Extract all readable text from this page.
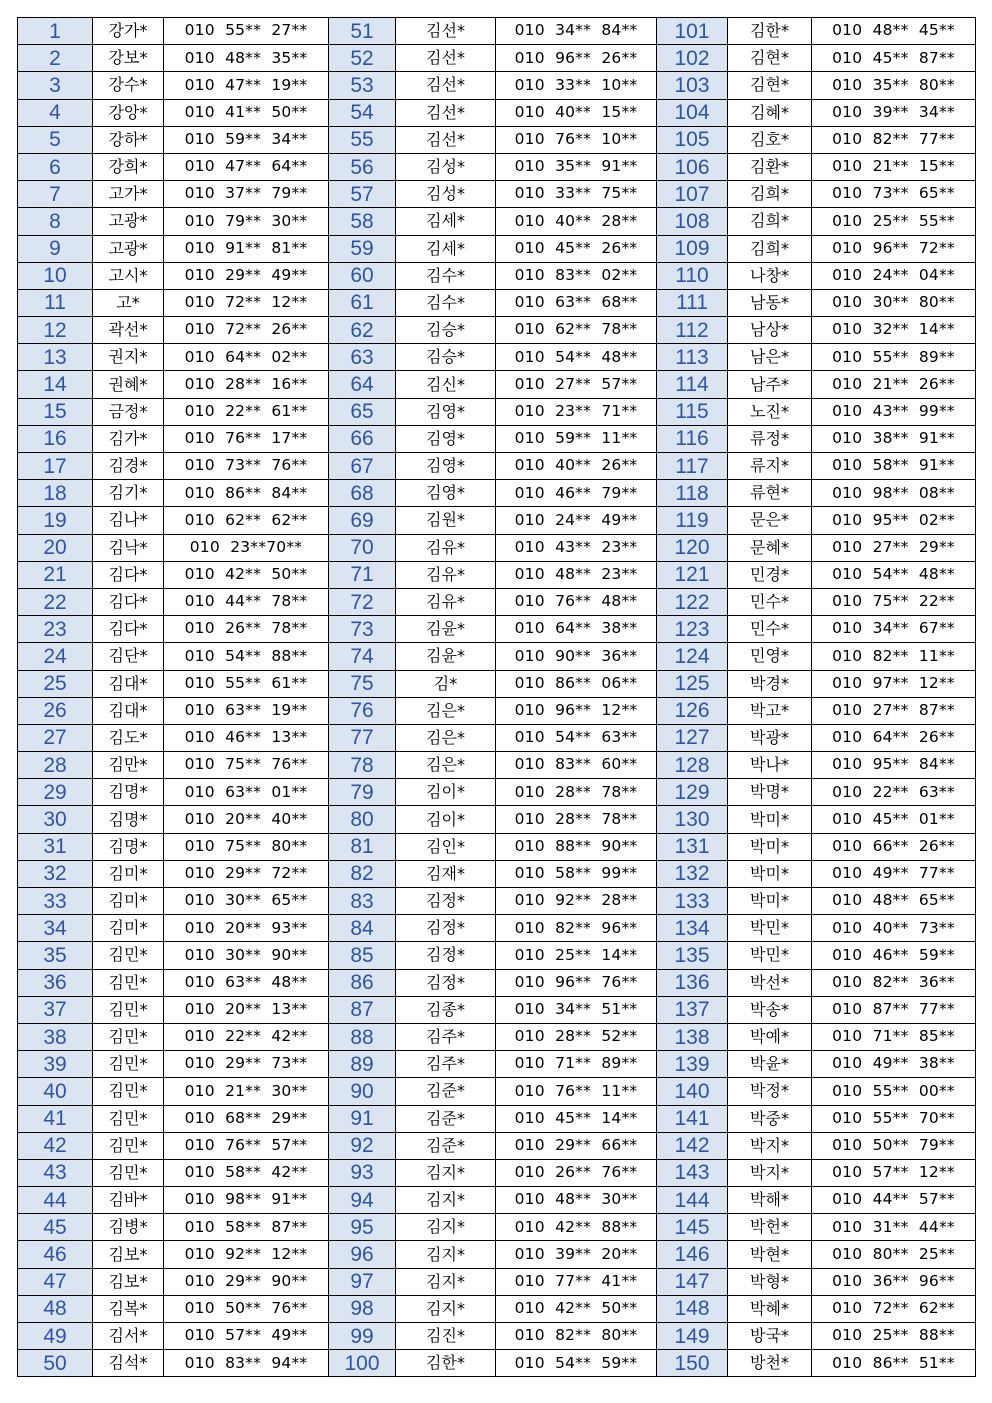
1	강가*	010  55**  27**	51	김선*	010  34**  84**	101	김한*	010  48**  45**
2	강보*	010  48**  35**	52	김선*	010  96**  26**	102	김현*	010  45**  87**
3	강수*	010  47**  19**	53	김선*	010  33**  10**	103	김현*	010  35**  80**
4	강앙*	010  41**  50**	54	김선*	010  40**  15**	104	김혜*	010  39**  34**
5	강하*	010  59**  34**	55	김선*	010  76**  10**	105	김호*	010  82**  77**
6	강희*	010  47**  64**	56	김성*	010  35**  91**	106	김환*	010  21**  15**
7	고가*	010  37**  79**	57	김성*	010  33**  75**	107	김희*	010  73**  65**
8	고광*	010  79**  30**	58	김세*	010  40**  28**	108	김희*	010  25**  55**
9	고광*	010  91**  81**	59	김세*	010  45**  26**	109	김희*	010  96**  72**
10	고시*	010  29**  49**	60	김수*	010  83**  02**	110	나창*	010  24**  04**
11	고*	010  72**  12**	61	김수*	010  63**  68**	111	남동*	010  30**  80**
12	곽선*	010  72**  26**	62	김승*	010  62**  78**	112	남상*	010  32**  14**
13	권지*	010  64**  02**	63	김승*	010  54**  48**	113	남은*	010  55**  89**
14	권혜*	010  28**  16**	64	김신*	010  27**  57**	114	남주*	010  21**  26**
15	금정*	010  22**  61**	65	김영*	010  23**  71**	115	노진*	010  43**  99**
16	김가*	010  76**  17**	66	김영*	010  59**  11**	116	류정*	010  38**  91**
17	김경*	010  73**  76**	67	김영*	010  40**  26**	117	류지*	010  58**  91**
18	김기*	010  86**  84**	68	김영*	010  46**  79**	118	류현*	010  98**  08**
19	김나*	010  62**  62**	69	김원*	010  24**  49**	119	문은*	010  95**  02**
20	김낙*	010  23**70**	70	김유*	010  43**  23**	120	문혜*	010  27**  29**
21	김다*	010  42**  50**	71	김유*	010  48**  23**	121	민경*	010  54**  48**
22	김다*	010  44**  78**	72	김유*	010  76**  48**	122	민수*	010  75**  22**
23	김다*	010  26**  78**	73	김윤*	010  64**  38**	123	민수*	010  34**  67**
24	김단*	010  54**  88**	74	김윤*	010  90**  36**	124	민영*	010  82**  11**
25	김대*	010  55**  61**	75	김*	010  86**  06**	125	박경*	010  97**  12**
26	김대*	010  63**  19**	76	김은*	010  96**  12**	126	박고*	010  27**  87**
27	김도*	010  46**  13**	77	김은*	010  54**  63**	127	박광*	010  64**  26**
28	김만*	010  75**  76**	78	김은*	010  83**  60**	128	박나*	010  95**  84**
29	김명*	010  63**  01**	79	김이*	010  28**  78**	129	박명*	010  22**  63**
30	김명*	010  20**  40**	80	김이*	010  28**  78**	130	박미*	010  45**  01**
31	김명*	010  75**  80**	81	김인*	010  88**  90**	131	박미*	010  66**  26**
32	김미*	010  29**  72**	82	김재*	010  58**  99**	132	박미*	010  49**  77**
33	김미*	010  30**  65**	83	김정*	010  92**  28**	133	박미*	010  48**  65**
34	김미*	010  20**  93**	84	김정*	010  82**  96**	134	박민*	010  40**  73**
35	김민*	010  30**  90**	85	김정*	010  25**  14**	135	박민*	010  46**  59**
36	김민*	010  63**  48**	86	김정*	010  96**  76**	136	박선*	010  82**  36**
37	김민*	010  20**  13**	87	김종*	010  34**  51**	137	박송*	010  87**  77**
38	김민*	010  22**  42**	88	김주*	010  28**  52**	138	박예*	010  71**  85**
39	김민*	010  29**  73**	89	김주*	010  71**  89**	139	박윤*	010  49**  38**
40	김민*	010  21**  30**	90	김준*	010  76**  11**	140	박정*	010  55**  00**
41	김민*	010  68**  29**	91	김준*	010  45**  14**	141	박중*	010  55**  70**
42	김민*	010  76**  57**	92	김준*	010  29**  66**	142	박지*	010  50**  79**
43	김민*	010  58**  42**	93	김지*	010  26**  76**	143	박지*	010  57**  12**
44	김바*	010  98**  91**	94	김지*	010  48**  30**	144	박해*	010  44**  57**
45	김병*	010  58**  87**	95	김지*	010  42**  88**	145	박헌*	010  31**  44**
46	김보*	010  92**  12**	96	김지*	010  39**  20**	146	박현*	010  80**  25**
47	김보*	010  29**  90**	97	김지*	010  77**  41**	147	박형*	010  36**  96**
48	김복*	010  50**  76**	98	김지*	010  42**  50**	148	박혜*	010  72**  62**
49	김서*	010  57**  49**	99	김진*	010  82**  80**	149	방국*	010  25**  88**
50	김석*	010  83**  94**	100	김한*	010  54**  59**	150	방천*	010  86**  51**
